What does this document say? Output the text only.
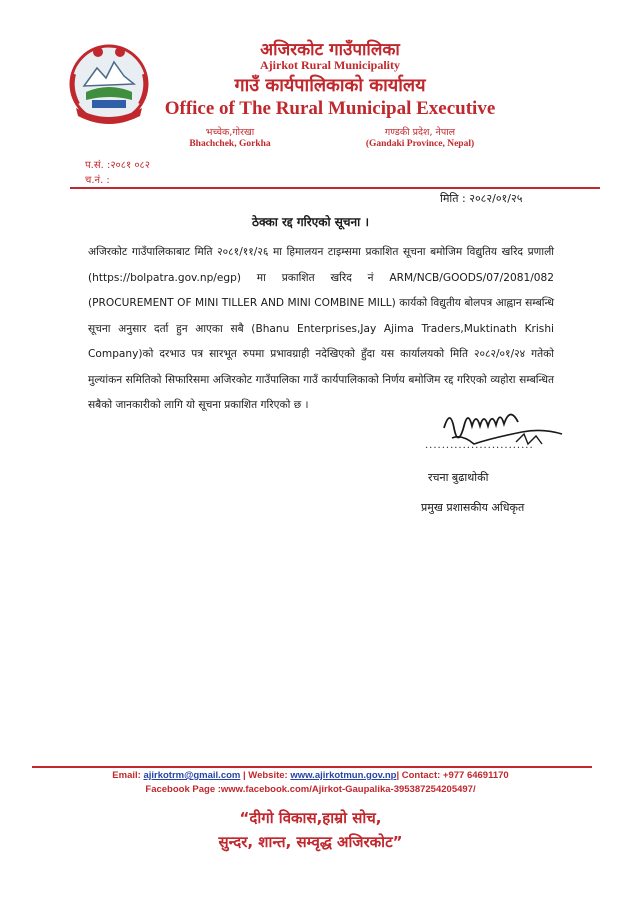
अजिरकोट गाउँपालिका
Ajirkot Rural Municipality
गाउँ कार्यपालिकाको कार्यालय
Office of The Rural Municipal Executive
भच्चेक,गोरखा	गण्डकी प्रदेश, नेपाल
Bhachchek, Gorkha	(Gandaki Province, Nepal)
प.सं. :२०८१ ०८२
च.नं. :
मिति : २०८२/०१/२५
ठेक्का रद्द गरिएको सूचना ।
अजिरकोट गाउँपालिकाबाट मिति २०८१/११/२६ मा हिमालयन टाइम्समा प्रकाशित सूचना बमोजिम विद्युतिय खरिद प्रणाली (https://bolpatra.gov.np/egp) मा प्रकाशित खरिद नं ARM/NCB/GOODS/07/2081/082 (PROCUREMENT OF MINI TILLER AND MINI COMBINE MILL) कार्यको विद्युतीय बोलपत्र आह्वान सम्बन्धि सूचना अनुसार दर्ता हुन आएका सबै (Bhanu Enterprises,Jay Ajima Traders,Muktinath Krishi Company)को दरभाउ पत्र सारभूत रुपमा प्रभावग्राही नदेखिएको हुँदा यस कार्यालयको मिति २०८२/०१/२४ गतेको मुल्यांकन समितिको सिफारिसमा अजिरकोट गाउँपालिका गाउँ कार्यपालिकाको निर्णय बमोजिम रद्द गरिएको व्यहोरा सम्बन्धित सबैको जानकारीको लागि यो सूचना प्रकाशित गरिएको छ ।
..........................
रचना बुढाथोकी
प्रमुख प्रशासकीय अधिकृत
Email: ajirkotrm@gmail.com | Website: www.ajirkotmun.gov.np| Contact: +977 64691170
Facebook Page :www.facebook.com/Ajirkot-Gaupalika-395387254205497/
“दीगो विकास,हाम्रो सोच,
सुन्दर, शान्त, सम्वृद्ध अजिरकोट”
